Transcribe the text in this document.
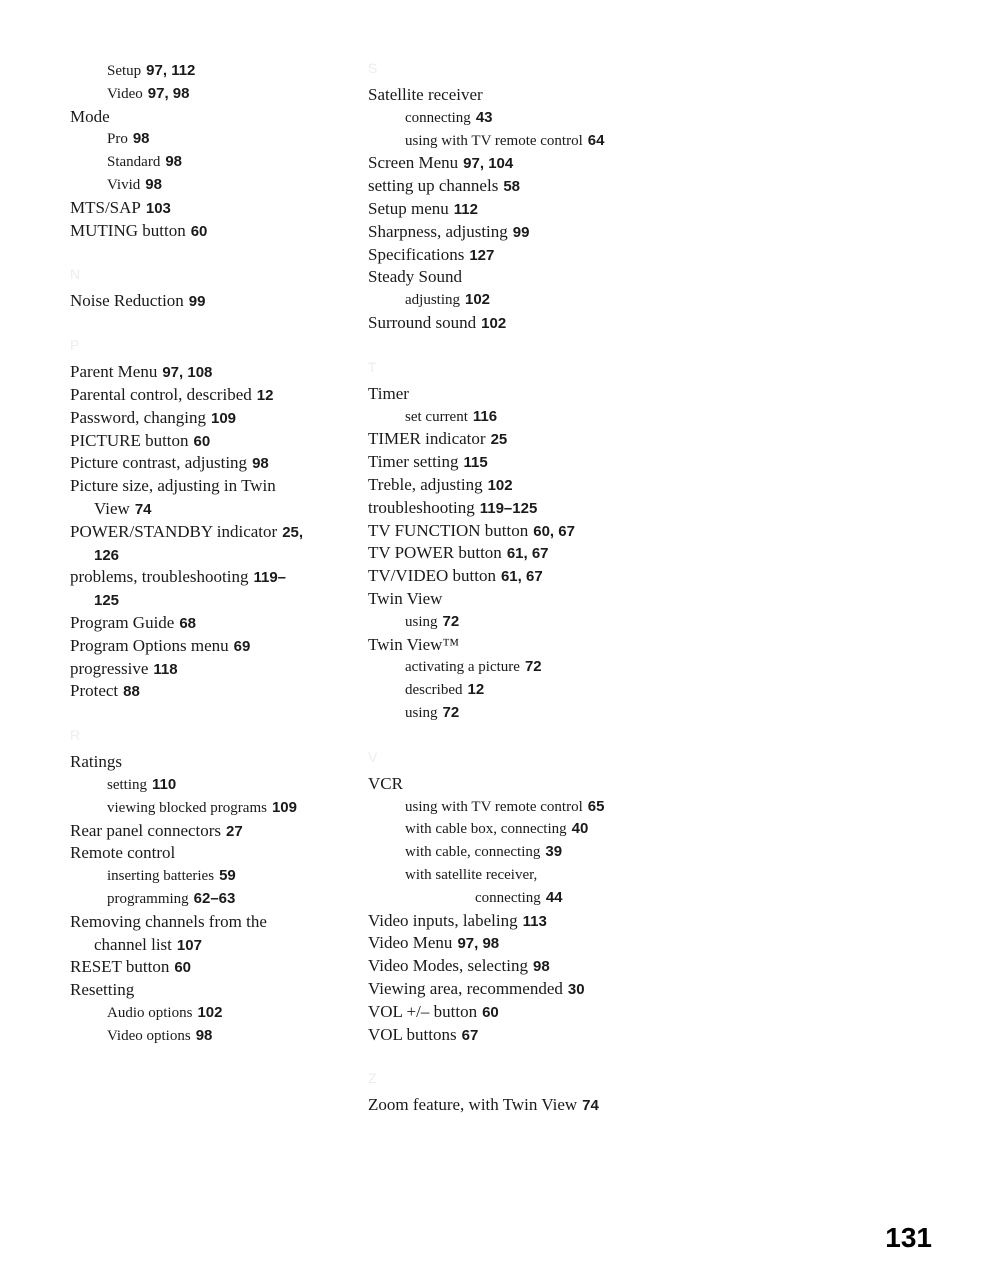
Setup 97, 112
Video 97, 98
Mode
Pro 98
Standard 98
Vivid 98
MTS/SAP 103
MUTING button 60
N
Noise Reduction 99
P
Parent Menu 97, 108
Parental control, described 12
Password, changing 109
PICTURE button 60
Picture contrast, adjusting 98
Picture size, adjusting in Twin
View 74
POWER/STANDBY indicator 25,
126
problems, troubleshooting 119–
125
Program Guide 68
Program Options menu 69
progressive 118
Protect 88
R
Ratings
setting 110
viewing blocked programs 109
Rear panel connectors 27
Remote control
inserting batteries 59
programming 62–63
Removing channels from the
channel list 107
RESET button 60
Resetting
Audio options 102
Video options 98
S
Satellite receiver
connecting 43
using with TV remote control 64
Screen Menu 97, 104
setting up channels 58
Setup menu 112
Sharpness, adjusting 99
Specifications 127
Steady Sound
adjusting 102
Surround sound 102
T
Timer
set current 116
TIMER indicator 25
Timer setting 115
Treble, adjusting 102
troubleshooting 119–125
TV FUNCTION button 60, 67
TV POWER button 61, 67
TV/VIDEO button 61, 67
Twin View
using 72
Twin View™
activating a picture 72
described 12
using 72
V
VCR
using with TV remote control 65
with cable box, connecting 40
with cable, connecting 39
with satellite receiver,
connecting 44
Video inputs, labeling 113
Video Menu 97, 98
Video Modes, selecting 98
Viewing area, recommended 30
VOL +/– button 60
VOL buttons 67
Z
Zoom feature, with Twin View 74
131
